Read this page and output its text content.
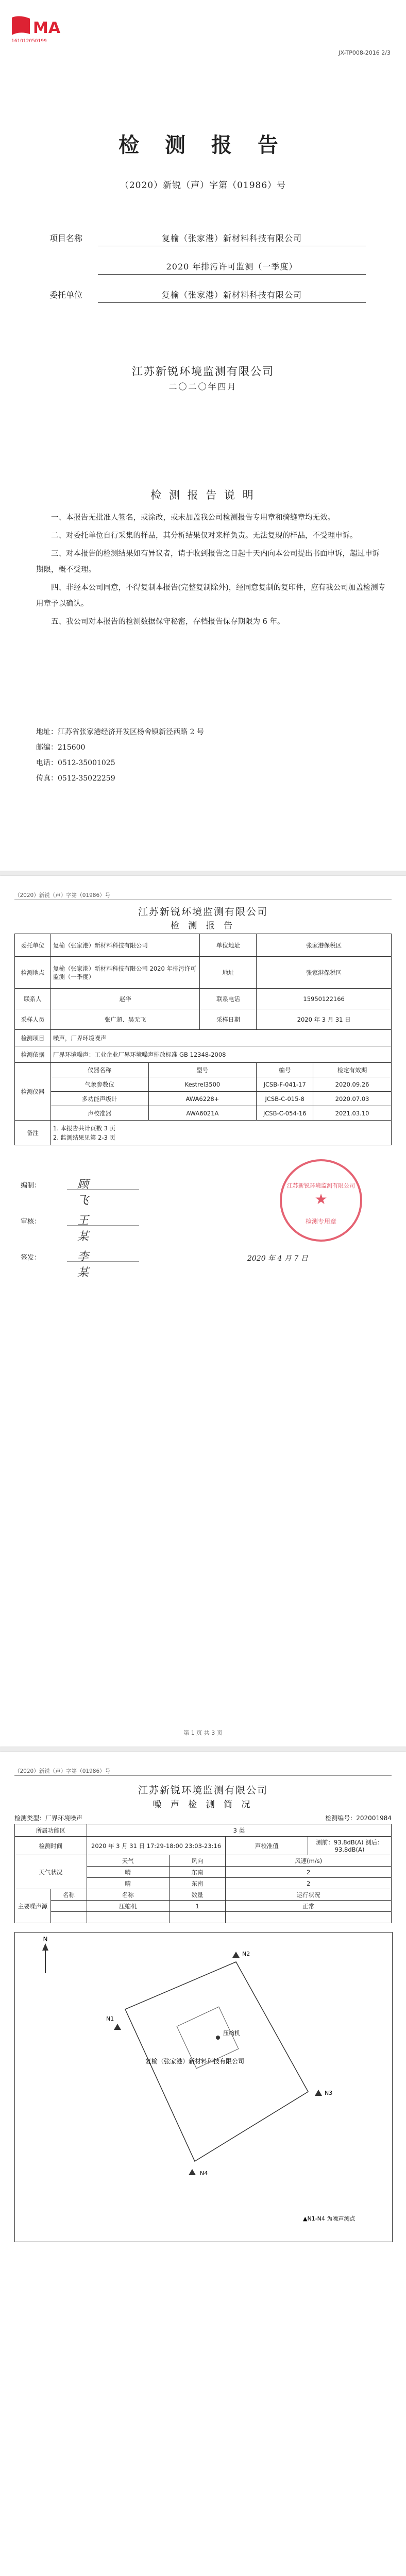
MA
161012050199
JX-TP008-2016 2/3
检 测 报 告
（2020）新锐（声）字第（01986）号
项目名称	复榆（张家港）新材料科技有限公司
2020 年排污许可监测（一季度）
委托单位	复榆（张家港）新材料科技有限公司
江苏新锐环境监测有限公司
二〇二〇年四月
检 测 报 告 说 明

一、本报告无批准人签名，或涂改，或未加盖我公司检测报告专用章和骑缝章均无效。

二、对委托单位自行采集的样品，其分析结果仅对来样负责。无法复现的样品，不受理申诉。

三、对本报告的检测结果如有异议者，请于收到报告之日起十天内向本公司提出书面申诉，超过申诉期限，概不受理。

四、非经本公司同意，不得复制本报告(完整复制除外)，经同意复制的复印件，应有我公司加盖检测专用章予以确认。

五、我公司对本报告的检测数据保守秘密，存档报告保存期限为 6 年。

地址：江苏省张家港经济开发区杨舍镇新泾西路 2 号
邮编：215600
电话：0512-35001025
传真：0512-35022259
（2020）新锐（声）字第（01986）号
江苏新锐环境监测有限公司
检 测 报 告
委托单位	复榆（张家港）新材料科技有限公司		单位地址	张家港保税区	
检测地点	复榆（张家港）新材料科技有限公司 2020 年排污许可监测（一季度）		地址	张家港保税区	
联系人	赵华		联系电话	15950122166	
采样人员	张广超、吴无飞		采样日期	2020 年 3 月 31 日	
检测项目	噪声，厂界环境噪声				
检测依据	厂界环境噪声：工业企业厂界环境噪声排放标准 GB 12348-2008				
检测仪器	仪器名称	型号		编号	检定有效期
	气象参数仪	Kestrel3500		JCSB-F-041-17	2020.09.26
	多功能声级计	AWA6228+		JCSB-C-015-8	2020.07.03
	声校准器	AWA6021A		JCSB-C-054-16	2021.03.10
备注	1. 本报告共计页数 3 页
2. 监测结果见第 2-3 页				
编制：	顾飞
审核：	王某
签发：	李某
★
江苏新锐环境监测有限公司
检测专用章
2020 年 4 月 7 日
第 1 页 共 3 页
（2020）新锐（声）字第（01986）号
江苏新锐环境监测有限公司
噪 声 检 测 简 况
检测类型：厂界环境噪声	检测编号：202001984
所属功能区		3 类			
检测时间		2020 年 3 月 31 日 17:29-18:00 23:03-23:16		声校准值	测前：93.8dB(A) 测后：93.8dB(A)

天气状况		天气	风向	风速(m/s)	
		晴	东南	2	
		晴	东南	2	
主要噪声源	名称	名称	数量	运行状况	
		压缩机	1	正常	

N
复榆（张家港）新材料科技有限公司
压缩机
N1
N2
N3
N4
▲N1-N4 为噪声测点
